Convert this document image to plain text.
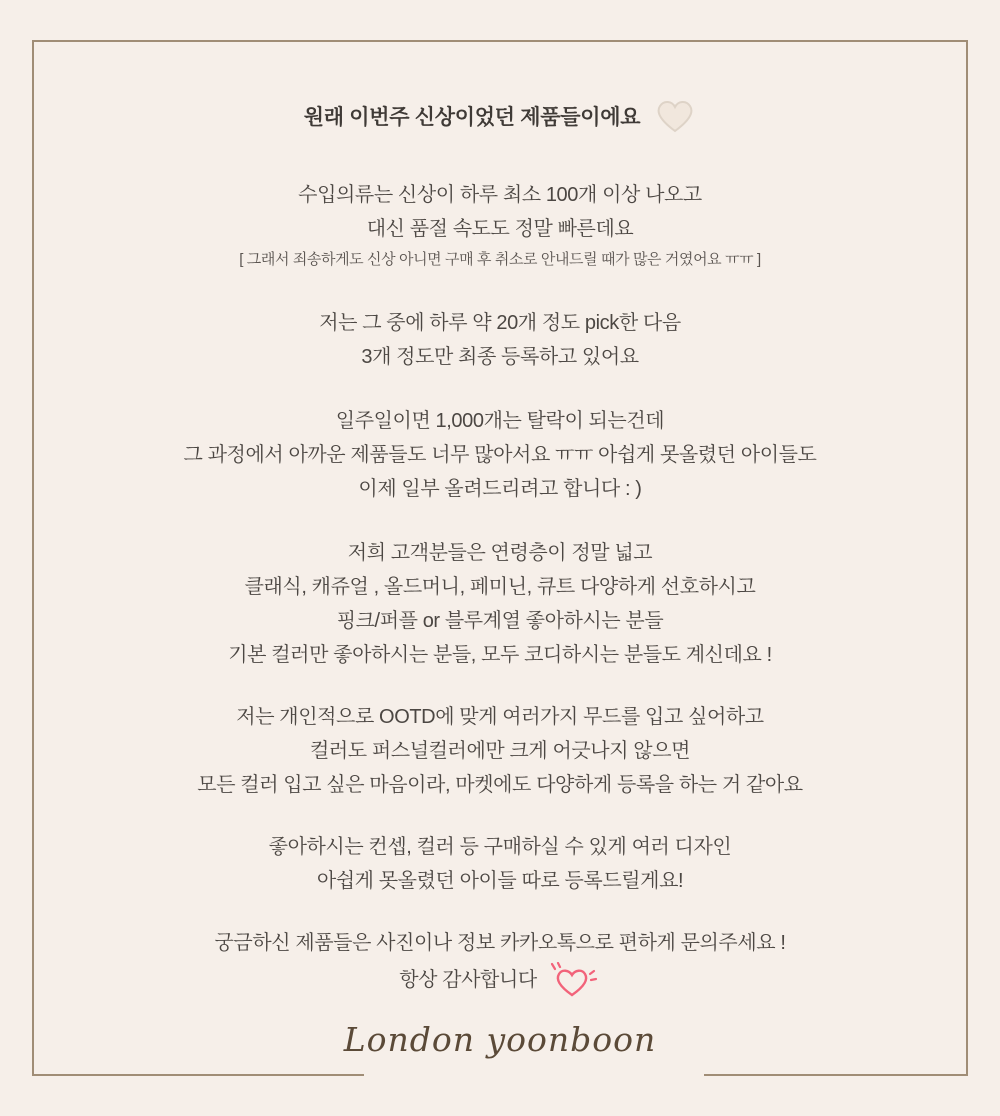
원래 이번주 신상이었던 제품들이에요
수입의류는 신상이 하루 최소 100개 이상 나오고
대신 품절 속도도 정말 빠른데요
[ 그래서 죄송하게도 신상 아니면 구매 후 취소로 안내드릴 때가 많은 거였어요 ㅠㅠ ]
저는 그 중에 하루 약 20개 정도 pick한 다음
3개 정도만 최종 등록하고 있어요
일주일이면 1,000개는 탈락이 되는건데
그 과정에서 아까운 제품들도 너무 많아서요 ㅠㅠ 아쉽게 못올렸던 아이들도
이제 일부 올려드리려고 합니다 : )
저희 고객분들은 연령층이 정말 넓고
클래식, 캐쥬얼 , 올드머니, 페미닌, 큐트 다양하게 선호하시고
핑크/퍼플 or 블루계열 좋아하시는 분들
기본 컬러만 좋아하시는 분들, 모두 코디하시는 분들도 계신데요 !
저는 개인적으로 OOTD에 맞게 여러가지 무드를 입고 싶어하고
컬러도 퍼스널컬러에만 크게 어긋나지 않으면
모든 컬러 입고 싶은 마음이라, 마켓에도 다양하게 등록을 하는 거 같아요
좋아하시는 컨셉, 컬러 등 구매하실 수 있게 여러 디자인
아쉽게 못올렸던 아이들 따로 등록드릴게요!
궁금하신 제품들은 사진이나 정보 카카오톡으로 편하게 문의주세요 !
항상 감사합니다
London yoonboon
